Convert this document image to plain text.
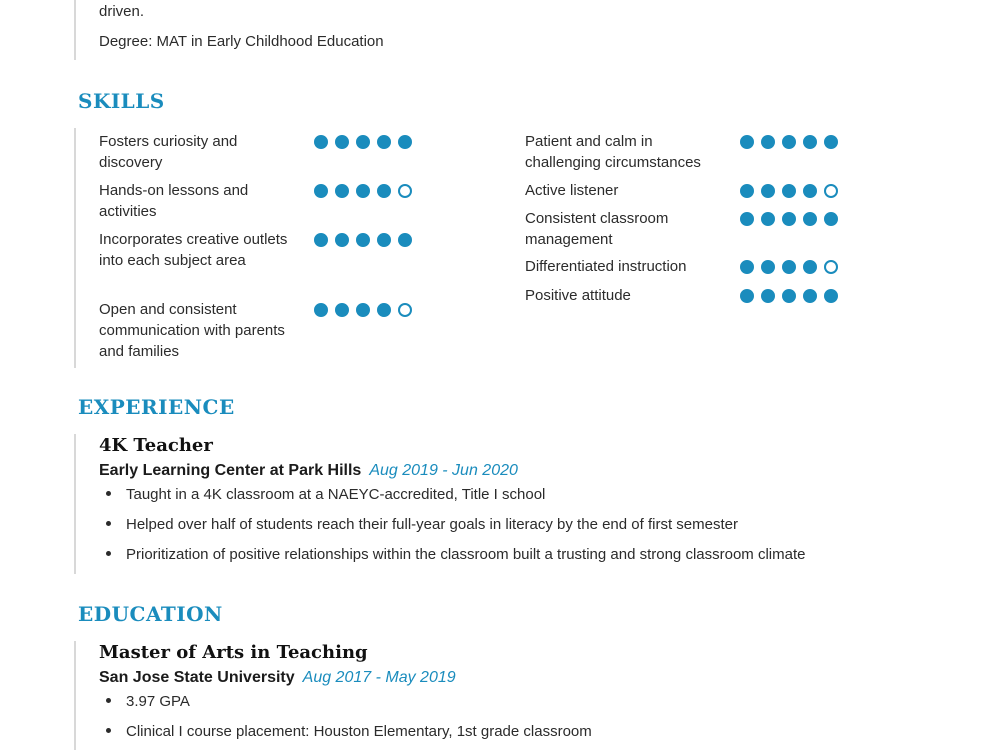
driven.
Degree: MAT in Early Childhood Education
SKILLS
Fosters curiosity and discovery
Hands-on lessons and activities
Incorporates creative outlets into each subject area
Open and consistent communication with parents and families
Patient and calm in challenging circumstances
Active listener
Consistent classroom management
Differentiated instruction
Positive attitude
EXPERIENCE
4K Teacher
Early Learning Center at Park Hills Aug 2019 - Jun 2020
Taught in a 4K classroom at a NAEYC-accredited, Title I school
Helped over half of students reach their full-year goals in literacy by the end of first semester
Prioritization of positive relationships within the classroom built a trusting and strong classroom climate
EDUCATION
Master of Arts in Teaching
San Jose State University Aug 2017 - May 2019
3.97 GPA
Clinical I course placement: Houston Elementary, 1st grade classroom
